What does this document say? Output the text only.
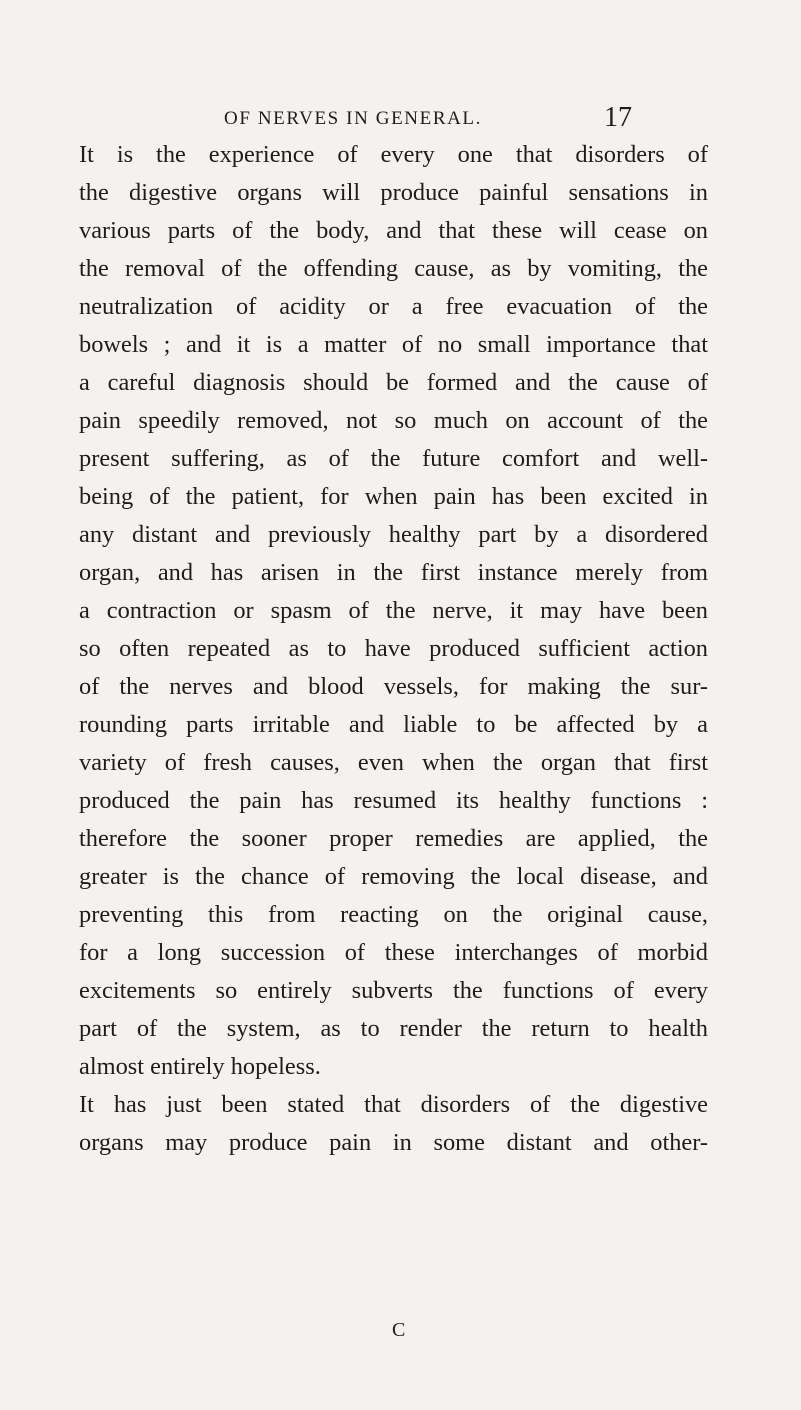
OF NERVES IN GENERAL.	17
It is the experience of every one that disorders of
the digestive organs will produce painful sensations in
various parts of the body, and that these will cease on
the removal of the offending cause, as by vomiting, the
neutralization of acidity or a free evacuation of the
bowels ; and it is a matter of no small importance that
a careful diagnosis should be formed and the cause of
pain speedily removed, not so much on account of the
present suffering, as of the future comfort and well-
being of the patient, for when pain has been excited in
any distant and previously healthy part by a disordered
organ, and has arisen in the first instance merely from
a contraction or spasm of the nerve, it may have been
so often repeated as to have produced sufficient action
of the nerves and blood vessels, for making the sur-
rounding parts irritable and liable to be affected by a
variety of fresh causes, even when the organ that first
produced the pain has resumed its healthy functions :
therefore the sooner proper remedies are applied, the
greater is the chance of removing the local disease, and
preventing this from reacting on the original cause,
for a long succession of these interchanges of morbid
excitements so entirely subverts the functions of every
part of the system, as to render the return to health
almost entirely hopeless.
It has just been stated that disorders of the digestive
organs may produce pain in some distant and other-
C
